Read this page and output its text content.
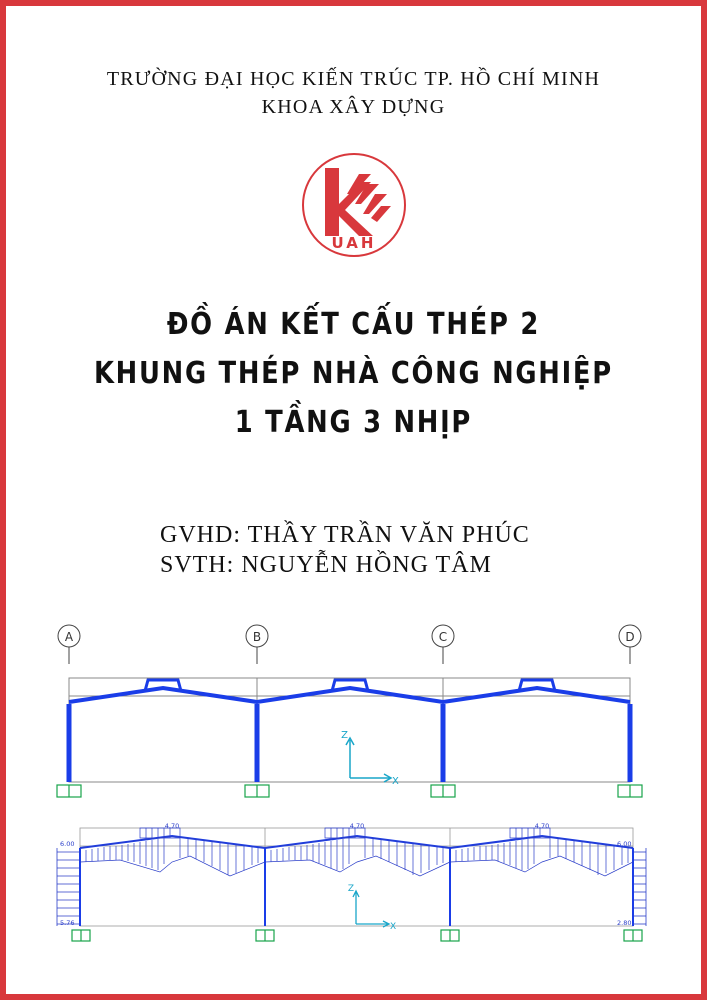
TRƯỜNG ĐẠI HỌC KIẾN TRÚC TP. HỒ CHÍ MINH
KHOA XÂY DỰNG
UAH
ĐỒ ÁN KẾT CẤU THÉP 2
KHUNG THÉP NHÀ CÔNG NGHIỆP
1 TẦNG 3 NHỊP
GVHD: THẦY TRẦN VĂN PHÚC
SVTH: NGUYỄN HỒNG TÂM
A	B	C	D
Z
X
6.00
5.76
6.00
2.80
4.70	4.70	4.70
Z
X
